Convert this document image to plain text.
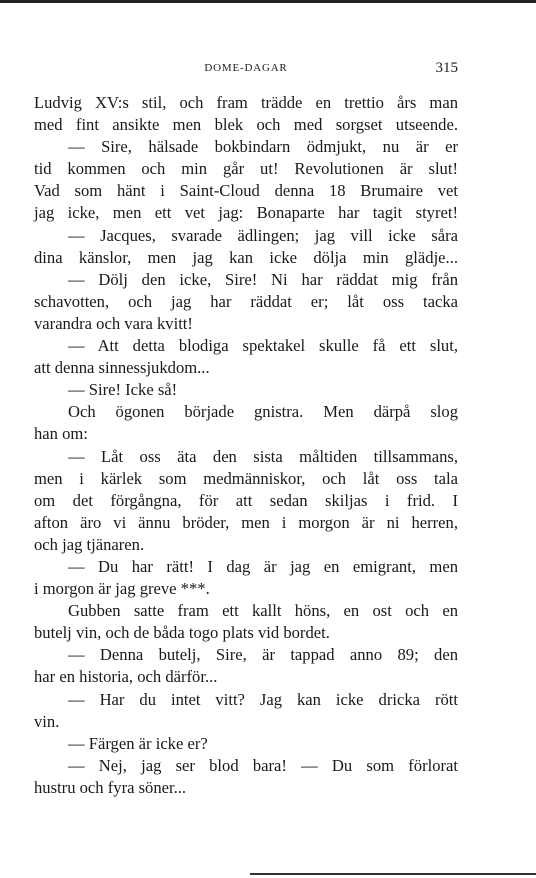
DOME-DAGAR	315
Ludvig XV:s stil, och fram trädde en trettio års man
med fint ansikte men blek och med sorgset utseende.
— Sire, hälsade bokbindarn ödmjukt, nu är er
tid kommen och min går ut! Revolutionen är slut!
Vad som hänt i Saint-Cloud denna 18 Brumaire vet
jag icke, men ett vet jag: Bonaparte har tagit styret!
— Jacques, svarade ädlingen; jag vill icke såra
dina känslor, men jag kan icke dölja min glädje...
— Dölj den icke, Sire! Ni har räddat mig från
schavotten, och jag har räddat er; låt oss tacka
varandra och vara kvitt!
— Att detta blodiga spektakel skulle få ett slut,
att denna sinnessjukdom...
— Sire! Icke så!
Och ögonen började gnistra. Men därpå slog
han om:
— Låt oss äta den sista måltiden tillsammans,
men i kärlek som medmänniskor, och låt oss tala
om det förgångna, för att sedan skiljas i frid. I
afton äro vi ännu bröder, men i morgon är ni herren,
och jag tjänaren.
— Du har rätt! I dag är jag en emigrant, men
i morgon är jag greve ***.
Gubben satte fram ett kallt höns, en ost och en
butelj vin, och de båda togo plats vid bordet.
— Denna butelj, Sire, är tappad anno 89; den
har en historia, och därför...
— Har du intet vitt? Jag kan icke dricka rött
vin.
— Färgen är icke er?
— Nej, jag ser blod bara! — Du som förlorat
hustru och fyra söner...
